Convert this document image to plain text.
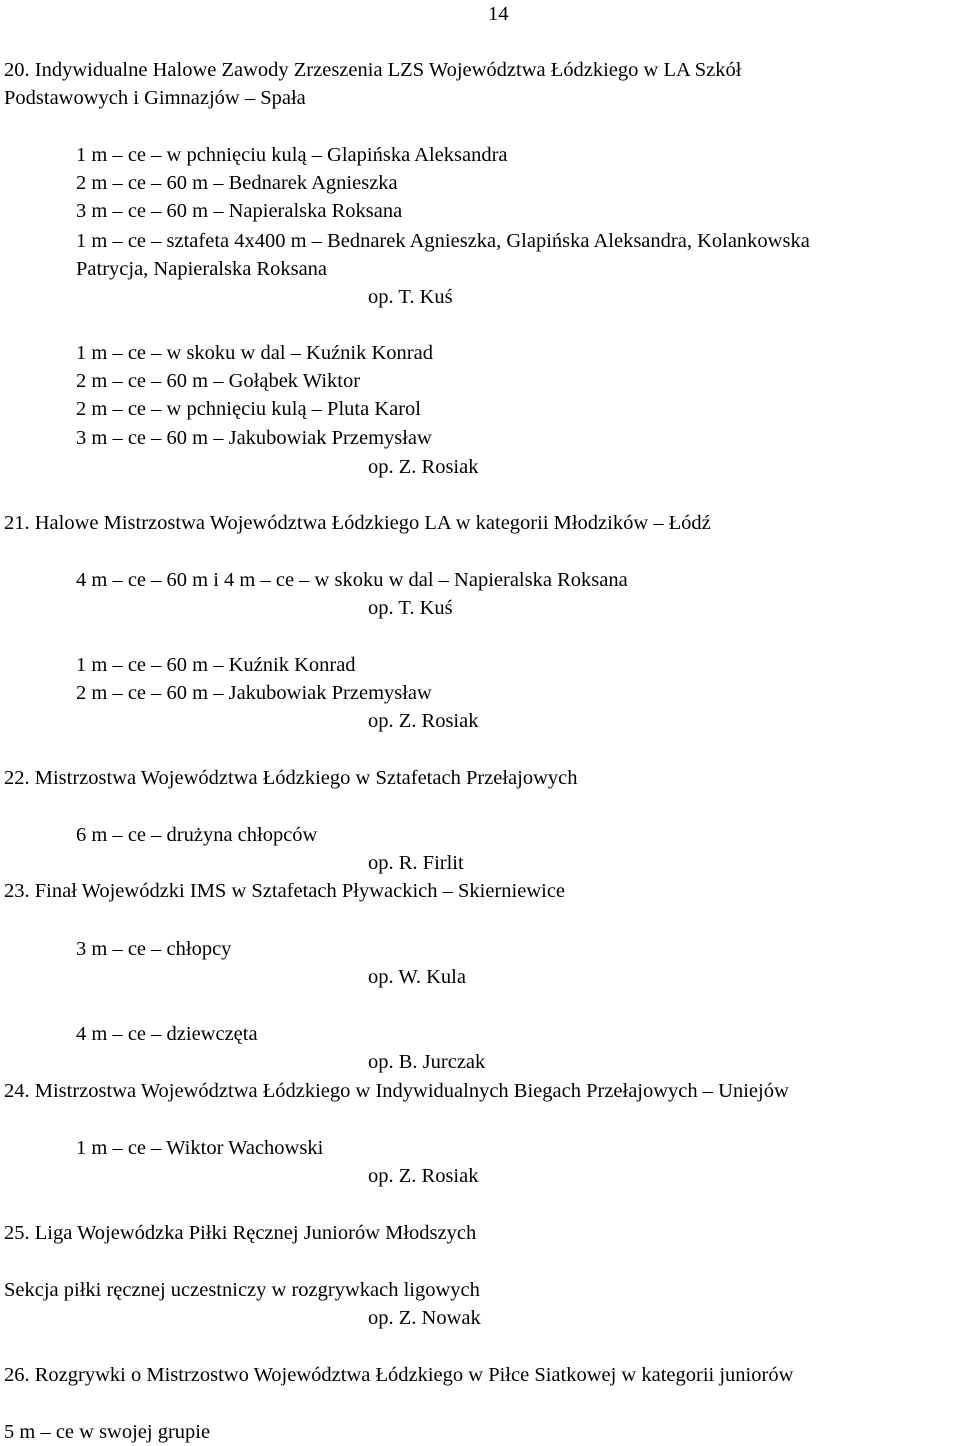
14
20. Indywidualne Halowe Zawody Zrzeszenia LZS Województwa Łódzkiego w LA Szkół
Podstawowych i Gimnazjów – Spała
1 m – ce – w pchnięciu kulą – Glapińska Aleksandra
2 m – ce – 60 m – Bednarek Agnieszka
3 m – ce – 60 m – Napieralska Roksana
1 m – ce – sztafeta 4x400 m – Bednarek Agnieszka, Glapińska Aleksandra, Kolankowska
Patrycja, Napieralska Roksana
op. T. Kuś
1 m – ce – w skoku w dal – Kuźnik Konrad
2 m – ce – 60 m – Gołąbek Wiktor
2 m – ce – w pchnięciu kulą – Pluta Karol
3 m – ce – 60 m – Jakubowiak Przemysław
op. Z. Rosiak
21. Halowe Mistrzostwa Województwa Łódzkiego LA w kategorii Młodzików – Łódź
4 m – ce – 60 m i 4 m – ce – w skoku w dal – Napieralska Roksana
op. T. Kuś
1 m – ce – 60 m – Kuźnik Konrad
2 m – ce – 60 m – Jakubowiak Przemysław
op. Z. Rosiak
22. Mistrzostwa Województwa Łódzkiego w Sztafetach Przełajowych
6 m – ce – drużyna chłopców
op. R. Firlit
23. Finał Wojewódzki IMS w Sztafetach Pływackich – Skierniewice
3 m – ce – chłopcy
op. W. Kula
4 m – ce – dziewczęta
op. B. Jurczak
24. Mistrzostwa Województwa Łódzkiego w Indywidualnych Biegach Przełajowych – Uniejów
1 m – ce – Wiktor Wachowski
op. Z. Rosiak
25. Liga Wojewódzka Piłki Ręcznej Juniorów Młodszych
Sekcja piłki ręcznej uczestniczy w rozgrywkach ligowych
op. Z. Nowak
26. Rozgrywki o Mistrzostwo Województwa Łódzkiego w Piłce Siatkowej w kategorii juniorów
5 m – ce w swojej grupie
